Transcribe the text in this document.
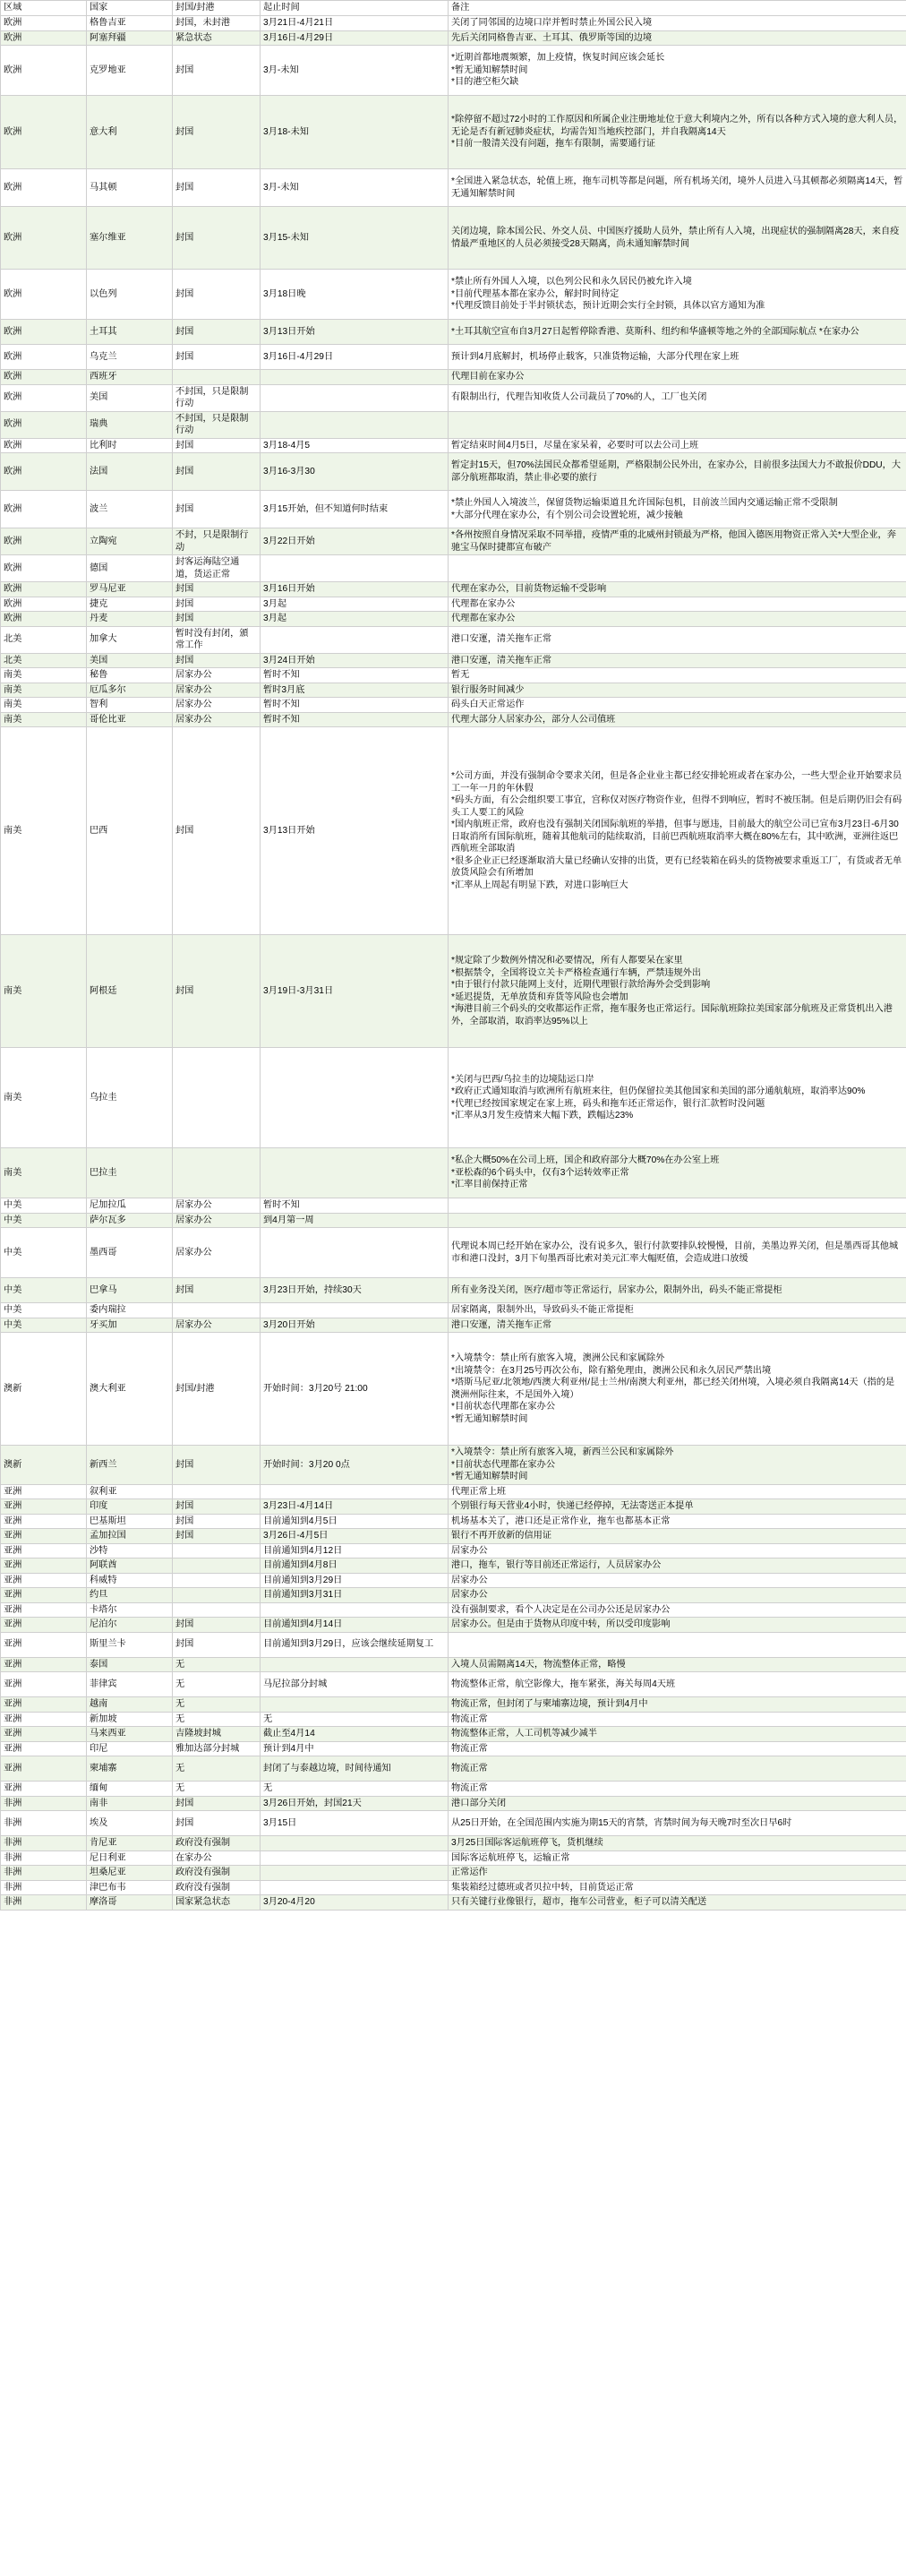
区域	国家	封国/封港	起止时间	备注
欧洲	格鲁吉亚	封国，未封港	3月21日-4月21日	关闭了同邻国的边境口岸并暂时禁止外国公民入境
欧洲	阿塞拜疆	紧急状态	3月16日-4月29日	先后关闭同格鲁吉亚、土耳其、俄罗斯等国的边境
欧洲	克罗地亚	封国	3月-未知	*近期首都地震频繁，加上疫情，恢复时间应该会延长
*暂无通知解禁时间
*目的港空柜欠缺
欧洲	意大利	封国	3月18-未知	*除停留不超过72小时的工作原因和所属企业注册地址位于意大利境内之外，所有以各种方式入境的意大利人员，无论是否有新冠肺炎症状，均需告知当地疾控部门，并自我隔离14天
*目前一般清关没有问题，拖车有限制，需要通行证
欧洲	马其顿	封国	3月-未知	*全国进入紧急状态，轮值上班，拖车司机等都是问题，所有机场关闭，境外人员进入马其顿都必须隔离14天，暂无通知解禁时间
欧洲	塞尔维亚	封国	3月15-未知	关闭边境，除本国公民、外交人员、中国医疗援助人员外，禁止所有人入境，出现症状的强制隔离28天，来自疫情最严重地区的人员必须接受28天隔离，尚未通知解禁时间
欧洲	以色列	封国	3月18日晚	*禁止所有外国人入境，以色列公民和永久居民仍被允许入境
*目前代理基本都在家办公，解封时间待定
*代理反馈目前处于半封锁状态，预计近期会实行全封锁，具体以官方通知为准
欧洲	土耳其	封国	3月13日开始	*土耳其航空宣布自3月27日起暂停除香港、莫斯科、纽约和华盛顿等地之外的全部国际航点 *在家办公
欧洲	乌克兰	封国	3月16日-4月29日	预计到4月底解封，机场停止载客，只准货物运输，大部分代理在家上班
欧洲	西班牙			代理目前在家办公
欧洲	美国	不封国，只是限制行动		有限制出行，代理告知收货人公司裁员了70%的人，工厂也关闭
欧洲	瑞典	不封国，只是限制行动		
欧洲	比利时	封国	3月18-4月5	暂定结束时间4月5日，尽量在家呆着，必要时可以去公司上班
欧洲	法国	封国	3月16-3月30	暂定封15天，但70%法国民众都希望延期，严格限制公民外出，在家办公，目前很多法国大力不敢报价DDU，大部分航班都取消，禁止非必要的旅行
欧洲	波兰	封国	3月15开始，但不知道何时结束	*禁止外国人入境波兰，保留货物运输渠道且允许国际包机，目前波兰国内交通运输正常不受限制
*大部分代理在家办公，有个别公司会设置轮班，减少接触
欧洲	立陶宛	不封，只是限制行动	3月22日开始	*各州按照自身情况采取不同举措，疫情严重的北威州封锁最为严格，他国入德医用物资正常入关*大型企业，奔驰宝马保时捷都宣布破产
欧洲	德国	封客运海陆空通道，货运正常		
欧洲	罗马尼亚	封国	3月16日开始	代理在家办公，目前货物运输不受影响
欧洲	捷克	封国	3月起	代理都在家办公
欧洲	丹麦	封国	3月起	代理都在家办公
北美	加拿大	暂时没有封闭，頒常工作		港口安運，清关拖车正常
北美	美国	封国	3月24日开始	港口安運，清关拖车正常
南美	秘鲁	居家办公	暂时不知	暂无
南美	厄瓜多尔	居家办公	暂时3月底	银行服务时间减少
南美	智利	居家办公	暂时不知	码头白天正常运作
南美	哥伦比亚	居家办公	暂时不知	代理大部分人居家办公，部分人公司值班
南美	巴西	封国	3月13日开始	*公司方面，并没有强制命令要求关闭，但是各企业业主都已经安排轮班或者在家办公，一些大型企业开始要求员工一年一月的年休假
*码头方面，有公会组织要工事宜，宫称仅对医疗物资作业，但得不到响应，暂时不被压制。但是后期仍旧会有码头工人要工的风险
*国内航班正常，政府也没有强制关闭国际航班的举措，但事与愿违，目前最大的航空公司已宣布3月23日-6月30日取消所有国际航班，随着其他航司的陆续取消，目前巴西航班取消率大概在80%左右，其中欧洲，亚洲往返巴西航班全部取消
*很多企业正已经逐渐取消大量已经确认安排的出货，更有已经装箱在码头的货物被要求重返工厂，有货或者无单放货风险会有所增加
*汇率从上周起有明显下跌，对进口影响巨大
南美	阿根廷	封国	3月19日-3月31日	*规定除了少数例外情况和必要情况，所有人都要呆在家里
*根据禁令，全国将设立关卡严格检查通行车辆，严禁违规外出
*由于银行付款只能网上支付，近期代理银行款给海外会受到影响
*延迟提货，无单放货和弃货等风险也会增加
*海港目前三个码头的交收都运作正常，拖车服务也正常运行。国际航班除拉美国家部分航班及正常货机出入港外，全部取消，取消率达95%以上
南美	乌拉圭			*关闭与巴西/乌拉圭的边境陆运口岸
*政府正式通知取消与欧洲所有航班来往，但仍保留拉美其他国家和美国的部分通航航班，取消率达90%
*代理已经按国家规定在家上班，码头和拖车还正常运作，银行汇款暂时没问题
*汇率从3月发生疫情来大幅下跌，跌幅达23%
南美	巴拉圭			*私企大概50%在公司上班，国企和政府部分大概70%在办公室上班
*亚松森的6个码头中，仅有3个运转效率正常
*汇率目前保持正常
中美	尼加拉瓜	居家办公	暂时不知	
中美	萨尔瓦多	居家办公	到4月第一周	
中美	墨西哥	居家办公		代理说本周已经开始在家办公，没有说多久，银行付款要排队较慢慢，目前，美墨边界关闭，但是墨西哥其他城市和港口没封，3月下旬墨西哥比索对美元汇率大幅贬值，会造成进口放缓
中美	巴拿马	封国	3月23日开始，持续30天	所有业务没关闭，医疗/超市等正常运行，居家办公，限制外出，码头不能正常提柜
中美	委内瑞拉			居家隔离，限制外出，导致码头不能正常提柜
中美	牙买加	居家办公	3月20日开始	港口安運，清关拖车正常
澳新	澳大利亚	封国/封港	开始时间：3月20号 21:00	*入境禁令：禁止所有旅客入境，澳洲公民和家属除外
*出境禁令：在3月25号再次公布，除有豁免理由，澳洲公民和永久居民严禁出境
*塔斯马尼亚/北领地/西澳大利亚州/昆士兰州/南澳大利亚州，都已经关闭州境，入境必须自我隔离14天（指的是澳洲州际往来，不是国外入境）
*目前状态代理都在家办公
*暂无通知解禁时间
澳新	新西兰	封国	开始时间：3月20 0点	*入境禁令：禁止所有旅客入境，新西兰公民和家属除外
*目前状态代理都在家办公
*暂无通知解禁时间
亚洲	叙利亚			代理正常上班
亚洲	印度	封国	3月23日-4月14日	个别银行每天营业4小时，快递已经停掉，无法寄送正本提单
亚洲	巴基斯坦	封国	目前通知到4月5日	机场基本关了，港口还是正常作业，拖车也都基本正常
亚洲	孟加拉国	封国	3月26日-4月5日	银行不再开放新的信用证
亚洲	沙特		目前通知到4月12日	居家办公
亚洲	阿联酋		目前通知到4月8日	港口，拖车，银行等目前还正常运行，人员居家办公
亚洲	科威特		目前通知到3月29日	居家办公
亚洲	约旦		目前通知到3月31日	居家办公
亚洲	卡塔尔			没有强制要求，看个人决定是在公司办公还是居家办公
亚洲	尼泊尔	封国	目前通知到4月14日	居家办公。但是由于货物从印度中转，所以受印度影响
亚洲	斯里兰卡	封国	目前通知到3月29日，应该会继续延期复工	
亚洲	泰国	无		入境人员需隔离14天，物流整体正常，略慢
亚洲	菲律宾	无	马尼拉部分封城	物流整体正常，航空影像大，拖车紧张，海关每周4天班
亚洲	越南	无		物流正常，但封闭了与柬埔寨边境，预计到4月中
亚洲	新加坡	无	无	物流正常
亚洲	马来西亚	吉隆坡封城	截止至4月14	物流整体正常，人工司机等减少减半
亚洲	印尼	雅加达部分封城	预计到4月中	物流正常
亚洲	柬埔寨	无	封闭了与泰越边境，时间待通知	物流正常
亚洲	缅甸	无	无	物流正常
非洲	南非	封国	3月26日开始，封国21天	港口部分关闭
非洲	埃及	封国	3月15日	从25日开始，在全国范围内实施为期15天的宵禁，宵禁时间为每天晚7时至次日早6时
非洲	肯尼亚	政府没有强制		3月25日国际客运航班停飞，货机继续
非洲	尼日利亚	在家办公		国际客运航班停飞，运输正常
非洲	坦桑尼亚	政府没有强制		正常运作
非洲	津巴布韦	政府没有强制		集装箱经过德班或者贝拉中转，目前货运正常
非洲	摩洛哥	国家紧急状态	3月20-4月20	只有关键行业像银行，超市，拖车公司营业，柜子可以清关配送
